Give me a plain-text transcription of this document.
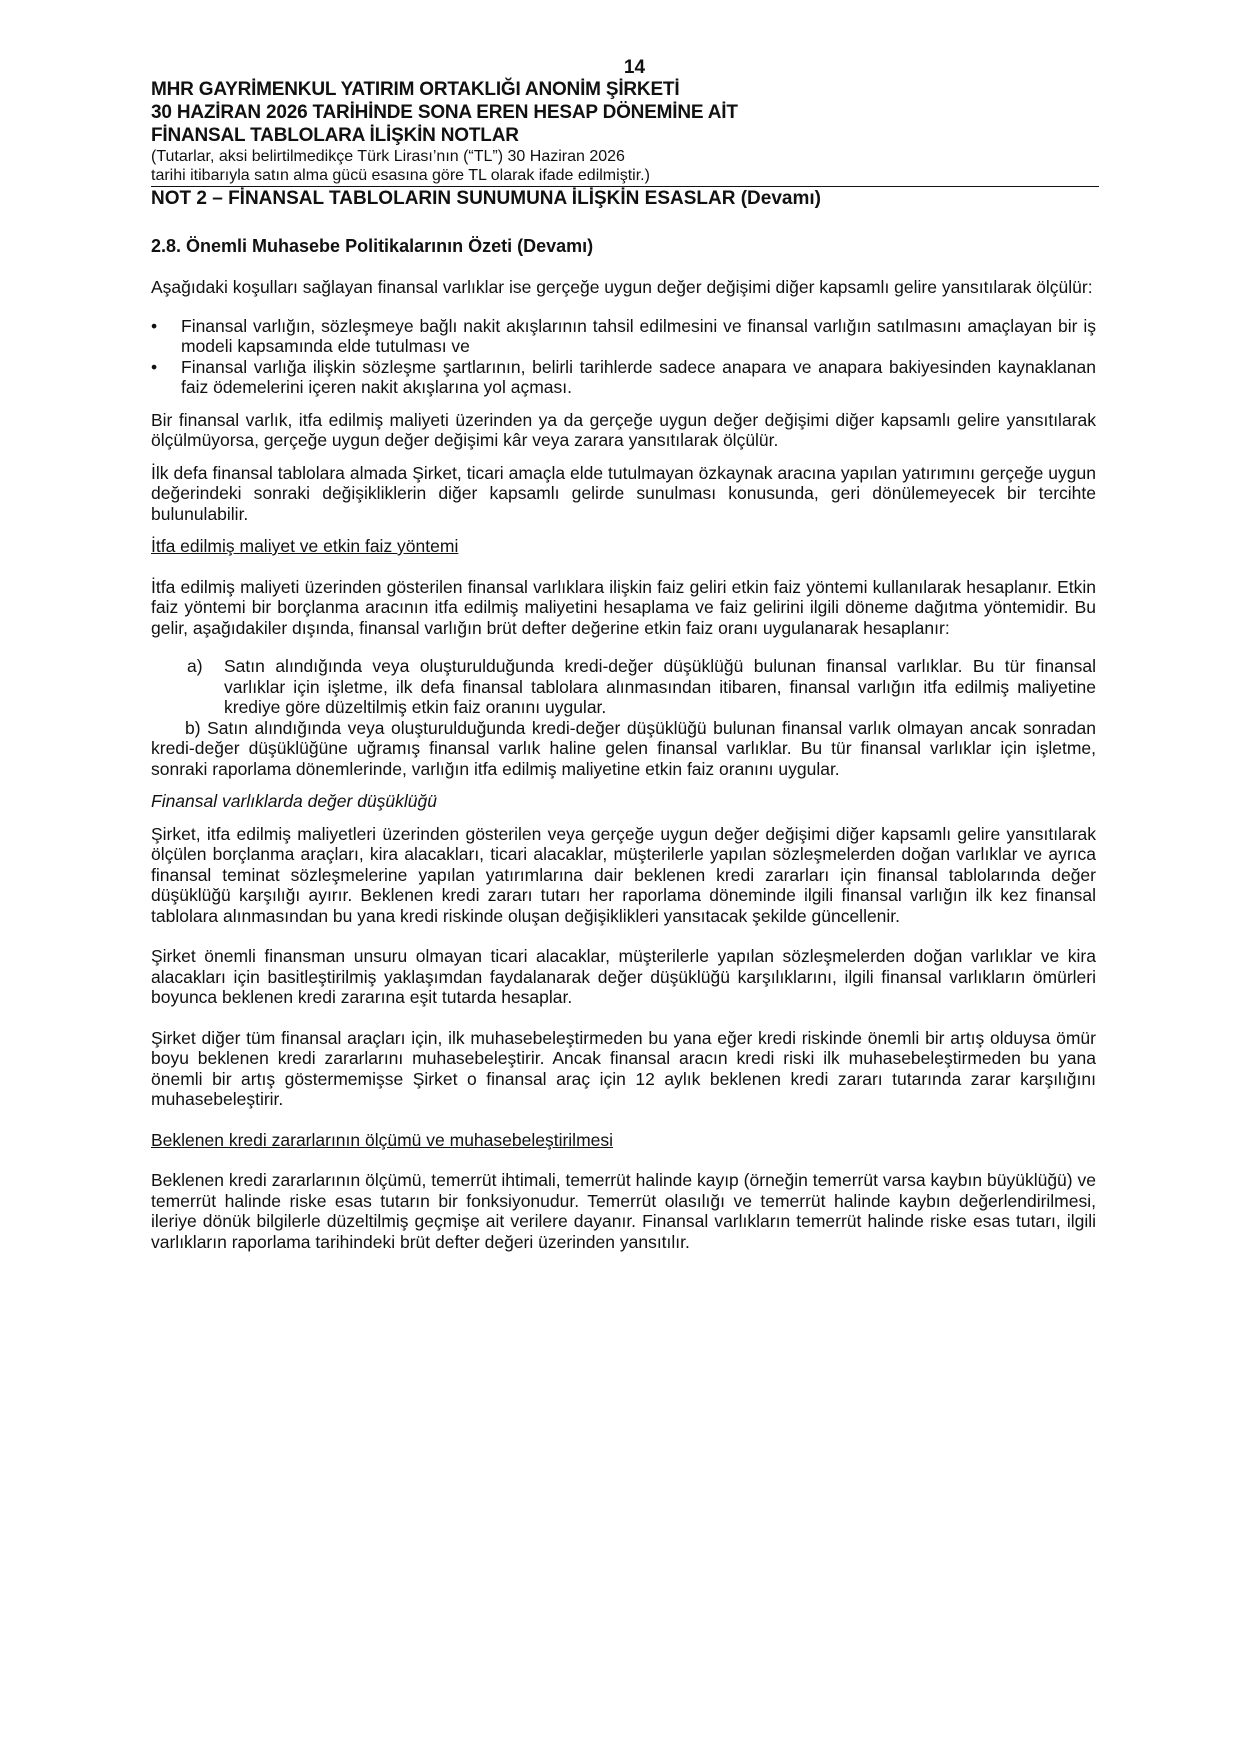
14
MHR GAYRİMENKUL YATIRIM ORTAKLIĞI ANONİM ŞİRKETİ
30 HAZİRAN 2026 TARİHİNDE SONA EREN HESAP DÖNEMİNE AİT
FİNANSAL TABLOLARA İLİŞKİN NOTLAR
(Tutarlar, aksi belirtilmedikçe Türk Lirası’nın (“TL”) 30 Haziran 2026
tarihi itibarıyla satın alma gücü esasına göre TL olarak ifade edilmiştir.)
NOT 2 – FİNANSAL TABLOLARIN SUNUMUNA İLİŞKİN ESASLAR (Devamı)
2.8. Önemli Muhasebe Politikalarının Özeti (Devamı)

Aşağıdaki koşulları sağlayan finansal varlıklar ise gerçeğe uygun değer değişimi diğer kapsamlı gelire yansıtılarak ölçülür:

• Finansal varlığın, sözleşmeye bağlı nakit akışlarının tahsil edilmesini ve finansal varlığın satılmasını amaçlayan bir iş modeli kapsamında elde tutulması ve
• Finansal varlığa ilişkin sözleşme şartlarının, belirli tarihlerde sadece anapara ve anapara bakiyesinden kaynaklanan faiz ödemelerini içeren nakit akışlarına yol açması.

Bir finansal varlık, itfa edilmiş maliyeti üzerinden ya da gerçeğe uygun değer değişimi diğer kapsamlı gelire yansıtılarak ölçülmüyorsa, gerçeğe uygun değer değişimi kâr veya zarara yansıtılarak ölçülür.

İlk defa finansal tablolara almada Şirket, ticari amaçla elde tutulmayan özkaynak aracına yapılan yatırımını gerçeğe uygun değerindeki sonraki değişikliklerin diğer kapsamlı gelirde sunulması konusunda, geri dönülemeyecek bir tercihte bulunulabilir.

İtfa edilmiş maliyet ve etkin faiz yöntemi

İtfa edilmiş maliyeti üzerinden gösterilen finansal varlıklara ilişkin faiz geliri etkin faiz yöntemi kullanılarak hesaplanır. Etkin faiz yöntemi bir borçlanma aracının itfa edilmiş maliyetini hesaplama ve faiz gelirini ilgili döneme dağıtma yöntemidir. Bu gelir, aşağıdakiler dışında, finansal varlığın brüt defter değerine etkin faiz oranı uygulanarak hesaplanır:

a) Satın alındığında veya oluşturulduğunda kredi-değer düşüklüğü bulunan finansal varlıklar. Bu tür finansal varlıklar için işletme, ilk defa finansal tablolara alınmasından itibaren, finansal varlığın itfa edilmiş maliyetine krediye göre düzeltilmiş etkin faiz oranını uygular.
b) Satın alındığında veya oluşturulduğunda kredi-değer düşüklüğü bulunan finansal varlık olmayan ancak sonradan kredi-değer düşüklüğüne uğramış finansal varlık haline gelen finansal varlıklar. Bu tür finansal varlıklar için işletme, sonraki raporlama dönemlerinde, varlığın itfa edilmiş maliyetine etkin faiz oranını uygular.
Finansal varlıklarda değer düşüklüğü

Şirket, itfa edilmiş maliyetleri üzerinden gösterilen veya gerçeğe uygun değer değişimi diğer kapsamlı gelire yansıtılarak ölçülen borçlanma araçları, kira alacakları, ticari alacaklar, müşterilerle yapılan sözleşmelerden doğan varlıklar ve ayrıca finansal teminat sözleşmelerine yapılan yatırımlarına dair beklenen kredi zararları için finansal tablolarında değer düşüklüğü karşılığı ayırır. Beklenen kredi zararı tutarı her raporlama döneminde ilgili finansal varlığın ilk kez finansal tablolara alınmasından bu yana kredi riskinde oluşan değişiklikleri yansıtacak şekilde güncellenir.

Şirket önemli finansman unsuru olmayan ticari alacaklar, müşterilerle yapılan sözleşmelerden doğan varlıklar ve kira alacakları için basitleştirilmiş yaklaşımdan faydalanarak değer düşüklüğü karşılıklarını, ilgili finansal varlıkların ömürleri boyunca beklenen kredi zararına eşit tutarda hesaplar.

Şirket diğer tüm finansal araçları için, ilk muhasebeleştirmeden bu yana eğer kredi riskinde önemli bir artış olduysa ömür boyu beklenen kredi zararlarını muhasebeleştirir. Ancak finansal aracın kredi riski ilk muhasebeleştirmeden bu yana önemli bir artış göstermemişse Şirket o finansal araç için 12 aylık beklenen kredi zararı tutarında zarar karşılığını muhasebeleştirir.

Beklenen kredi zararlarının ölçümü ve muhasebeleştirilmesi

Beklenen kredi zararlarının ölçümü, temerrüt ihtimali, temerrüt halinde kayıp (örneğin temerrüt varsa kaybın büyüklüğü) ve temerrüt halinde riske esas tutarın bir fonksiyonudur. Temerrüt olasılığı ve temerrüt halinde kaybın değerlendirilmesi, ileriye dönük bilgilerle düzeltilmiş geçmişe ait verilere dayanır. Finansal varlıkların temerrüt halinde riske esas tutarı, ilgili varlıkların raporlama tarihindeki brüt defter değeri üzerinden yansıtılır.
